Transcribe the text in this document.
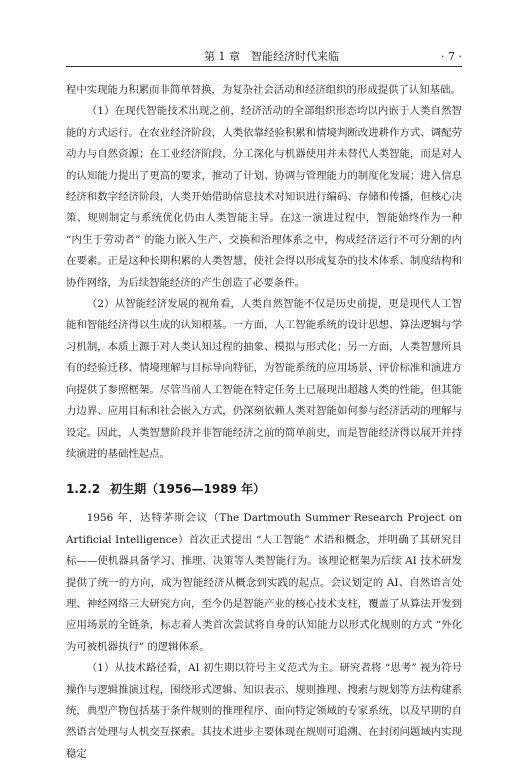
第 1 章　智能经济时代来临	· 7 ·

程中实现能力积累而非简单替换，为复杂社会活动和经济组织的形成提供了认知基础。

（1）在现代智能技术出现之前，经济活动的全部组织形态均以内嵌于人类自然智能的方式运行。在农业经济阶段，人类依靠经验积累和情境判断改进耕作方式、调配劳动力与自然资源；在工业经济阶段，分工深化与机器使用并未替代人类智能，而是对人的认知能力提出了更高的要求，推动了计划、协调与管理能力的制度化发展；进入信息经济和数字经济阶段，人类开始借助信息技术对知识进行编码、存储和传播，但核心决策、规则制定与系统优化仍由人类智能主导。在这一演进过程中，智能始终作为一种 “内生于劳动者” 的能力嵌入生产、交换和治理体系之中，构成经济运行不可分割的内在要素。正是这种长期积累的人类智慧，使社会得以形成复杂的技术体系、制度结构和协作网络，为后续智能经济的产生创造了必要条件。

（2）从智能经济发展的视角看，人类自然智能不仅是历史前提，更是现代人工智能和智能经济得以生成的认知根基。一方面，人工智能系统的设计思想、算法逻辑与学习机制，本质上源于对人类认知过程的抽象、模拟与形式化；另一方面，人类智慧所具有的经验迁移、情境理解与目标导向特征，为智能系统的应用场景、评价标准和演进方向提供了参照框架。尽管当前人工智能在特定任务上已展现出超越人类的性能，但其能力边界、应用目标和社会嵌入方式，仍深刻依赖人类对智能如何参与经济活动的理解与设定。因此，人类智慧阶段并非智能经济之前的简单前史，而是智能经济得以展开并持续演进的基础性起点。

1.2.2 初生期（1956—1989 年）

1956 年，达特茅斯会议（The Dartmouth Summer Research Project on Artificial Intelligence）首次正式提出 “人工智能” 术语和概念，并明确了其研究目标——使机器具备学习、推理、决策等人类智能行为。该理论框架为后续 AI 技术研发提供了统一的方向，成为智能经济从概念到实践的起点。会议划定的 AI、自然语言处理、神经网络三大研究方向，至今仍是智能产业的核心技术支柱，覆盖了从算法开发到应用场景的全链条，标志着人类首次尝试将自身的认知能力以形式化规则的方式 “外化为可被机器执行” 的逻辑体系。

（1）从技术路径看，AI 初生期以符号主义范式为主。研究者将 “思考” 视为符号操作与逻辑推演过程，围绕形式逻辑、知识表示、规则推理、搜索与规划等方法构建系统，典型产物包括基于条件规则的推理程序、面向特定领域的专家系统，以及早期的自然语言处理与人机交互探索。其技术进步主要体现在规则可追溯、在封闭问题域内实现稳定
